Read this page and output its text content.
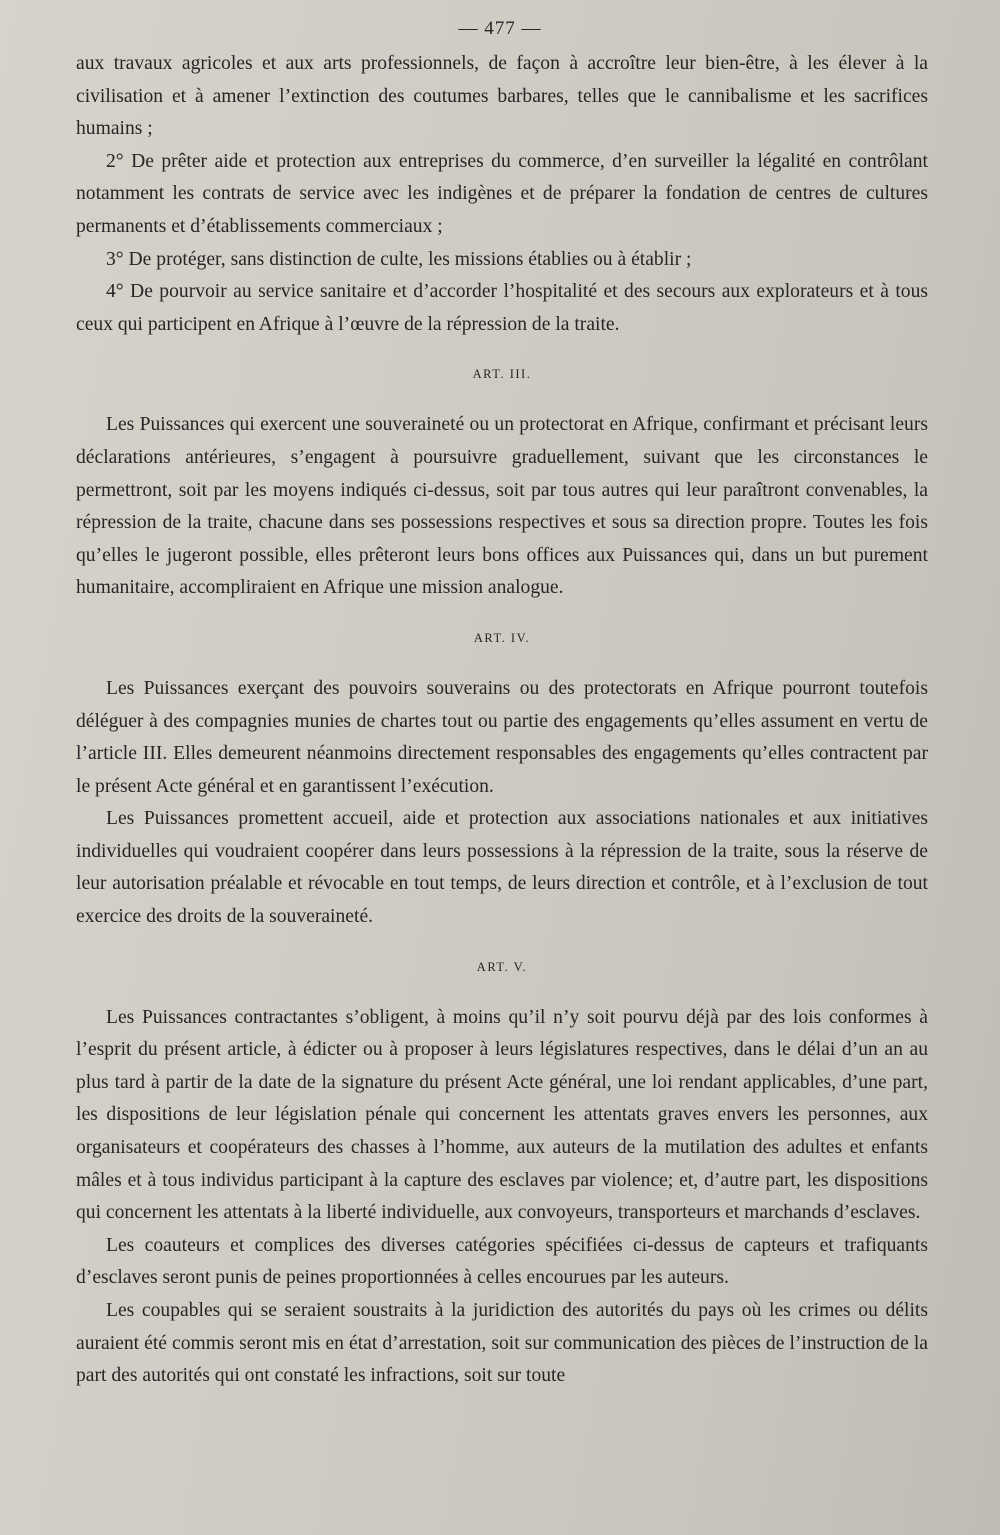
— 477 —

aux travaux agricoles et aux arts professionnels, de façon à accroître leur bien-être, à les élever à la civilisation et à amener l’extinction des coutumes barbares, telles que le cannibalisme et les sacrifices humains ;

2° De prêter aide et protection aux entreprises du commerce, d’en surveiller la légalité en contrôlant notamment les contrats de service avec les indigènes et de préparer la fondation de centres de cultures permanents et d’établissements commerciaux ;

3° De protéger, sans distinction de culte, les missions établies ou à établir ;

4° De pourvoir au service sanitaire et d’accorder l’hospitalité et des secours aux explorateurs et à tous ceux qui participent en Afrique à l’œuvre de la répression de la traite.

ART. III.

Les Puissances qui exercent une souveraineté ou un protectorat en Afrique, confirmant et précisant leurs déclarations antérieures, s’engagent à poursuivre graduellement, suivant que les circonstances le permettront, soit par les moyens indiqués ci-dessus, soit par tous autres qui leur paraîtront convenables, la répression de la traite, chacune dans ses possessions respectives et sous sa direction propre. Toutes les fois qu’elles le jugeront possible, elles prêteront leurs bons offices aux Puissances qui, dans un but purement humanitaire, accompliraient en Afrique une mission analogue.

ART. IV.

Les Puissances exerçant des pouvoirs souverains ou des protectorats en Afrique pourront toutefois déléguer à des compagnies munies de chartes tout ou partie des engagements qu’elles assument en vertu de l’article III. Elles demeurent néanmoins directement responsables des engagements qu’elles contractent par le présent Acte général et en garantissent l’exécution.

Les Puissances promettent accueil, aide et protection aux associations nationales et aux initiatives individuelles qui voudraient coopérer dans leurs possessions à la répression de la traite, sous la réserve de leur autorisation préalable et révocable en tout temps, de leurs direction et contrôle, et à l’exclusion de tout exercice des droits de la souveraineté.

ART. V.

Les Puissances contractantes s’obligent, à moins qu’il n’y soit pourvu déjà par des lois conformes à l’esprit du présent article, à édicter ou à proposer à leurs législatures respectives, dans le délai d’un an au plus tard à partir de la date de la signature du présent Acte général, une loi rendant applicables, d’une part, les dispositions de leur législation pénale qui concernent les attentats graves envers les personnes, aux organisateurs et coopérateurs des chasses à l’homme, aux auteurs de la mutilation des adultes et enfants mâles et à tous individus participant à la capture des esclaves par violence; et, d’autre part, les dispositions qui concernent les attentats à la liberté individuelle, aux convoyeurs, transporteurs et marchands d’esclaves.

Les coauteurs et complices des diverses catégories spécifiées ci-dessus de capteurs et trafiquants d’esclaves seront punis de peines proportionnées à celles encourues par les auteurs.

Les coupables qui se seraient soustraits à la juridiction des autorités du pays où les crimes ou délits auraient été commis seront mis en état d’arrestation, soit sur communication des pièces de l’instruction de la part des autorités qui ont constaté les infractions, soit sur toute
